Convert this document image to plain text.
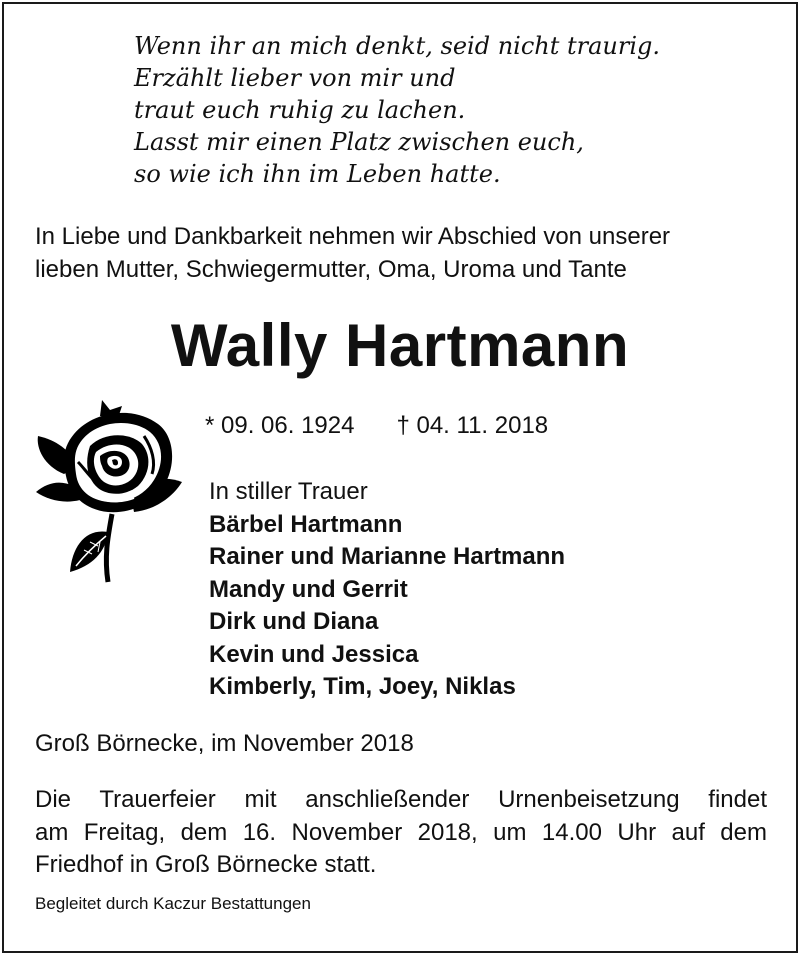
Wenn ihr an mich denkt, seid nicht traurig.
Erzählt lieber von mir und
traut euch ruhig zu lachen.
Lasst mir einen Platz zwischen euch,
so wie ich ihn im Leben hatte.
In Liebe und Dankbarkeit nehmen wir Abschied von unserer
lieben Mutter, Schwiegermutter, Oma, Uroma und Tante
Wally Hartmann
* 09. 06. 1924 † 04. 11. 2018
In stiller Trauer
Bärbel Hartmann
Rainer und Marianne Hartmann
Mandy und Gerrit
Dirk und Diana
Kevin und Jessica
Kimberly, Tim, Joey, Niklas
Groß Börnecke, im November 2018
Die Trauerfeier mit anschließender Urnenbeisetzung findet
am Freitag, dem 16. November 2018, um 14.00 Uhr auf dem
Friedhof in Groß Börnecke statt.
Begleitet durch Kaczur Bestattungen
